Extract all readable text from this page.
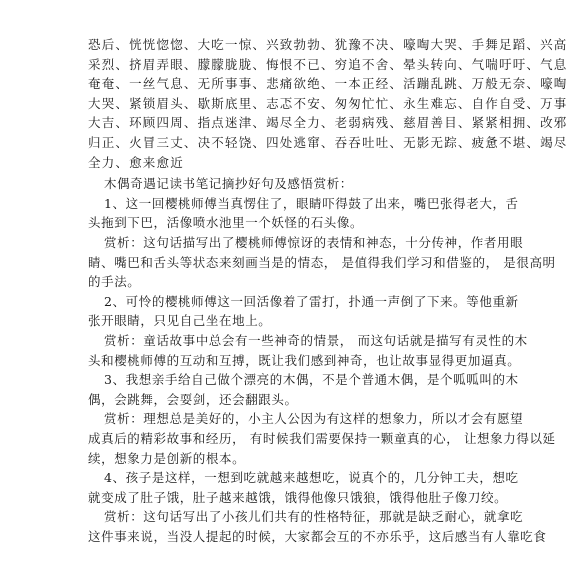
恐后、恍恍惚惚、大吃一惊、兴致勃勃、犹豫不决、嚎啕大哭、手舞足蹈、兴高
采烈、挤眉弄眼、朦朦胧胧、悔恨不已、穷追不舍、晕头转向、气喘吁吁、气息
奄奄、一丝气息、无所事事、悲痛欲绝、一本正经、活蹦乱跳、万般无奈、嚎啕
大哭、紧锁眉头、歇斯底里、志忑不安、匆匆忙忙、永生难忘、自作自受、万事
大吉、环顾四周、指点迷津、竭尽全力、老弱病残、慈眉善目、紧紧相拥、改邪
归正、火冒三丈、决不轻饶、四处逃窜、吞吞吐吐、无影无踪、疲惫不堪、竭尽
全力、愈来愈近
木偶奇遇记读书笔记摘抄好句及感悟赏析：
1、这一回樱桃师傅当真愣住了，眼睛吓得鼓了出来，嘴巴张得老大，舌
头拖到下巴，活像喷水池里一个妖怪的石头像。
赏析：这句话描写出了樱桃师傅惊讶的表情和神态，十分传神，作者用眼
睛、嘴巴和舌头等状态来刻画当是的情态， 是值得我们学习和借鉴的， 是很高明
的手法。
2、可怜的樱桃师傅这一回活像着了雷打，扑通一声倒了下来。等他重新
张开眼睛，只见自己坐在地上。
赏析：童话故事中总会有一些神奇的情景， 而这句话就是描写有灵性的木
头和樱桃师傅的互动和互搏，既让我们感到神奇，也让故事显得更加逼真。
3、我想亲手给自己做个漂亮的木偶，不是个普通木偶，是个呱呱叫的木
偶，会跳舞，会耍剑，还会翻跟头。
赏析：理想总是美好的，小主人公因为有这样的想象力，所以才会有愿望
成真后的精彩故事和经历， 有时候我们需要保持一颗童真的心， 让想象力得以延
续，想象力是创新的根本。
4、孩子是这样，一想到吃就越来越想吃，说真个的，几分钟工夫，想吃
就变成了肚子饿，肚子越来越饿，饿得他像只饿狼，饿得他肚子像刀绞。
赏析：这句话写出了小孩儿们共有的性格特征，那就是缺乏耐心，就拿吃
这件事来说，当没人提起的时候，大家都会互的不亦乐乎，这后感当有人靠吃食
